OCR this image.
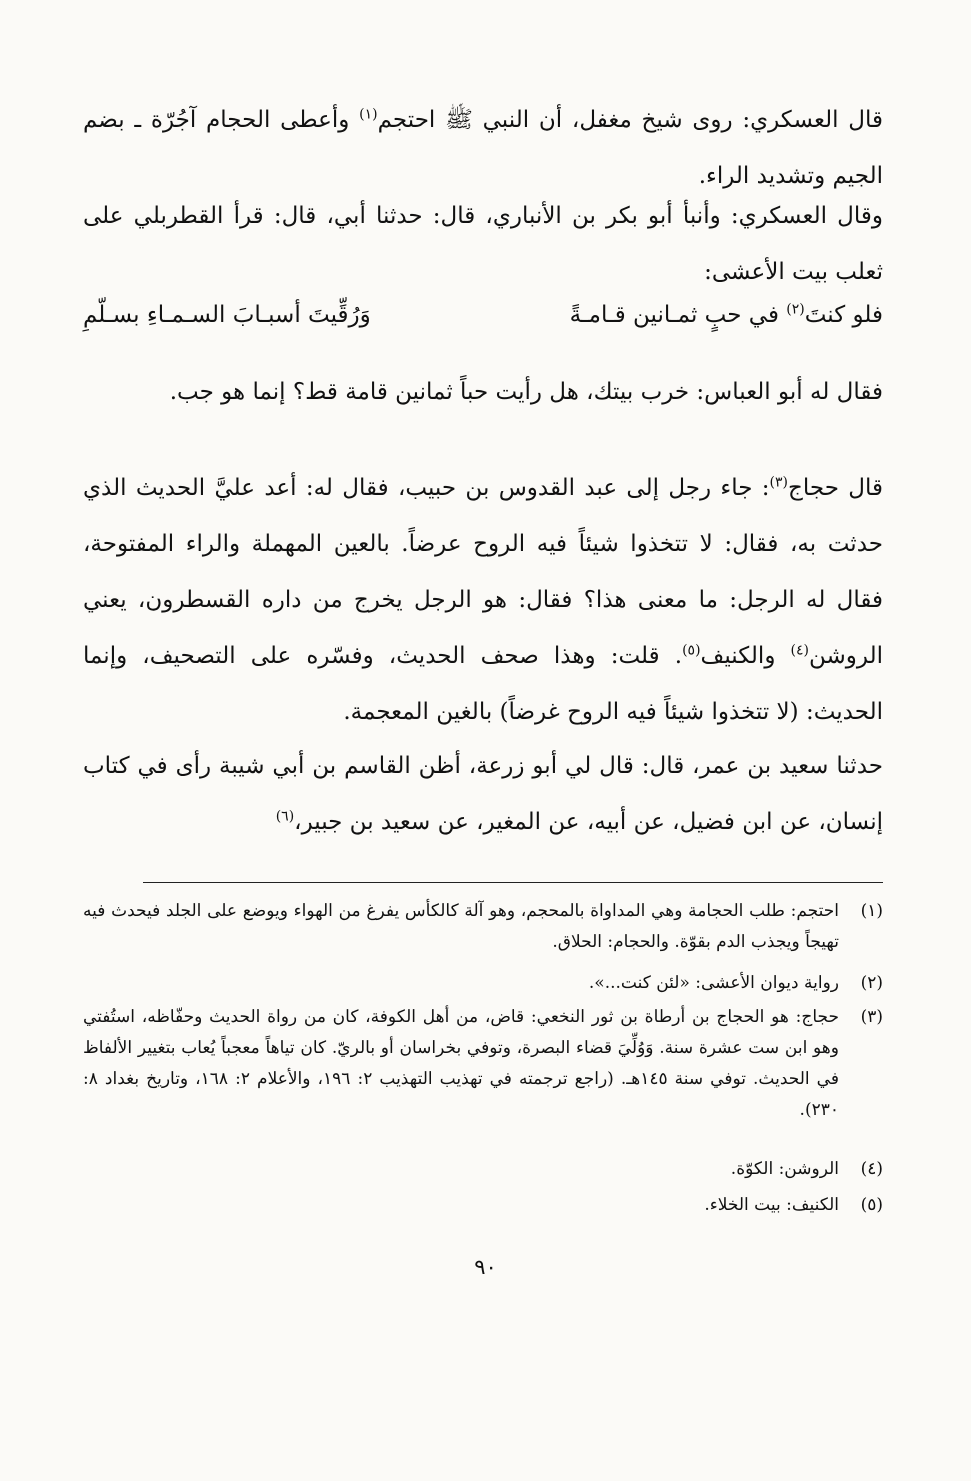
قال العسكري: روى شيخ مغفل، أن النبي ﷺ احتجم$^{(١)}$ وأعطى الحجام آجُرّة ـ بضم الجيم وتشديد الراء.

وقال العسكري: وأنبأ أبو بكر بن الأنباري، قال: حدثنا أبي، قال: قرأ القطربلي على ثعلب بيت الأعشى:

فلو كنتَ$^{(٢)}$ في حبٍ ثمـانين قـامـةً
وَرُقِّيتَ أسبـابَ السـمـاءِ بسـلّمِ

فقال له أبو العباس: خرب بيتك، هل رأيت حباً ثمانين قامة قط؟ إنما هو جب.

قال حجاج$^{(٣)}$: جاء رجل إلى عبد القدوس بن حبيب، فقال له: أعد عليَّ الحديث الذي حدثت به، فقال: لا تتخذوا شيئاً فيه الروح عرضاً. بالعين المهملة والراء المفتوحة، فقال له الرجل: ما معنى هذا؟ فقال: هو الرجل يخرج من داره القسطرون، يعني الروشن$^{(٤)}$ والكنيف$^{(٥)}$. قلت: وهذا صحف الحديث، وفسّره على التصحيف، وإنما الحديث: (لا تتخذوا شيئاً فيه الروح غرضاً) بالغين المعجمة.

حدثنا سعيد بن عمر، قال: قال لي أبو زرعة، أظن القاسم بن أبي شيبة رأى في كتاب إنسان، عن ابن فضيل، عن أبيه، عن المغير، عن سعيد بن جبير،$^{(٦)}$

(١)
احتجم: طلب الحجامة وهي المداواة بالمحجم، وهو آلة كالكأس يفرغ من الهواء ويوضع على الجلد فيحدث فيه تهيجاً ويجذب الدم بقوّة. والحجام: الحلاق.
(٢)
رواية ديوان الأعشى: «لئن كنت...».
(٣)
حجاج: هو الحجاج بن أرطاة بن ثور النخعي: قاض، من أهل الكوفة، كان من رواة الحديث وحفّاظه، استُفتي وهو ابن ست عشرة سنة. وَوُلِّيَ قضاء البصرة، وتوفي بخراسان أو بالريّ. كان تياهاً معجباً يُعاب بتغيير الألفاظ في الحديث. توفي سنة ١٤٥هـ. (راجع ترجمته في تهذيب التهذيب ٢: ١٩٦، والأعلام ٢: ١٦٨، وتاريخ بغداد ٨: ٢٣٠).
(٤)
الروشن: الكوّة.
(٥)
الكنيف: بيت الخلاء.
٩٠
